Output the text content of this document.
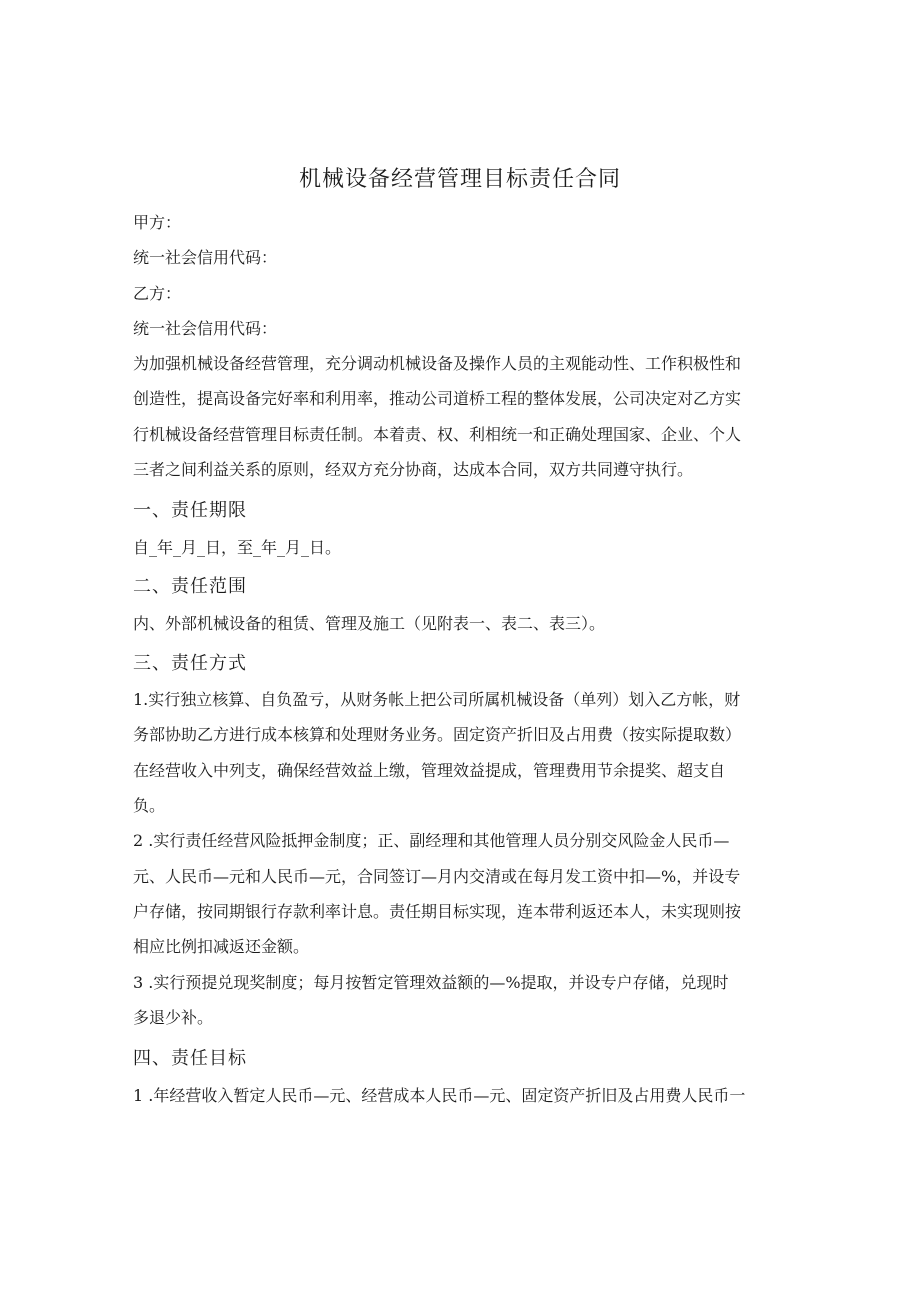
机械设备经营管理目标责任合同
甲方：
统一社会信用代码：
乙方：
统一社会信用代码：
为加强机械设备经营管理，充分调动机械设备及操作人员的主观能动性、工作积极性和
创造性，提高设备完好率和利用率，推动公司道桥工程的整体发展，公司决定对乙方实
行机械设备经营管理目标责任制。本着责、权、利相统一和正确处理国家、企业、个人
三者之间利益关系的原则，经双方充分协商，达成本合同，双方共同遵守执行。
一、责任期限
自_年_月_日，至_年_月_日。
二、责任范围
内、外部机械设备的租赁、管理及施工（见附表一、表二、表三）。
三、责任方式
1.实行独立核算、自负盈亏，从财务帐上把公司所属机械设备（单列）划入乙方帐，财
务部协助乙方进行成本核算和处理财务业务。固定资产折旧及占用费（按实际提取数）
在经营收入中列支，确保经营效益上缴，管理效益提成，管理费用节余提奖、超支自
负。
2 .实行责任经营风险抵押金制度；正、副经理和其他管理人员分别交风险金人民币—
元、人民币—元和人民币—元，合同签订—月内交清或在每月发工资中扣—%，并设专
户存储，按同期银行存款利率计息。责任期目标实现，连本带利返还本人，未实现则按
相应比例扣减返还金额。
3 .实行预提兑现奖制度；每月按暂定管理效益额的—%提取，并设专户存储，兑现时
多退少补。
四、责任目标
1 .年经营收入暂定人民币—元、经营成本人民币—元、固定资产折旧及占用费人民币一
